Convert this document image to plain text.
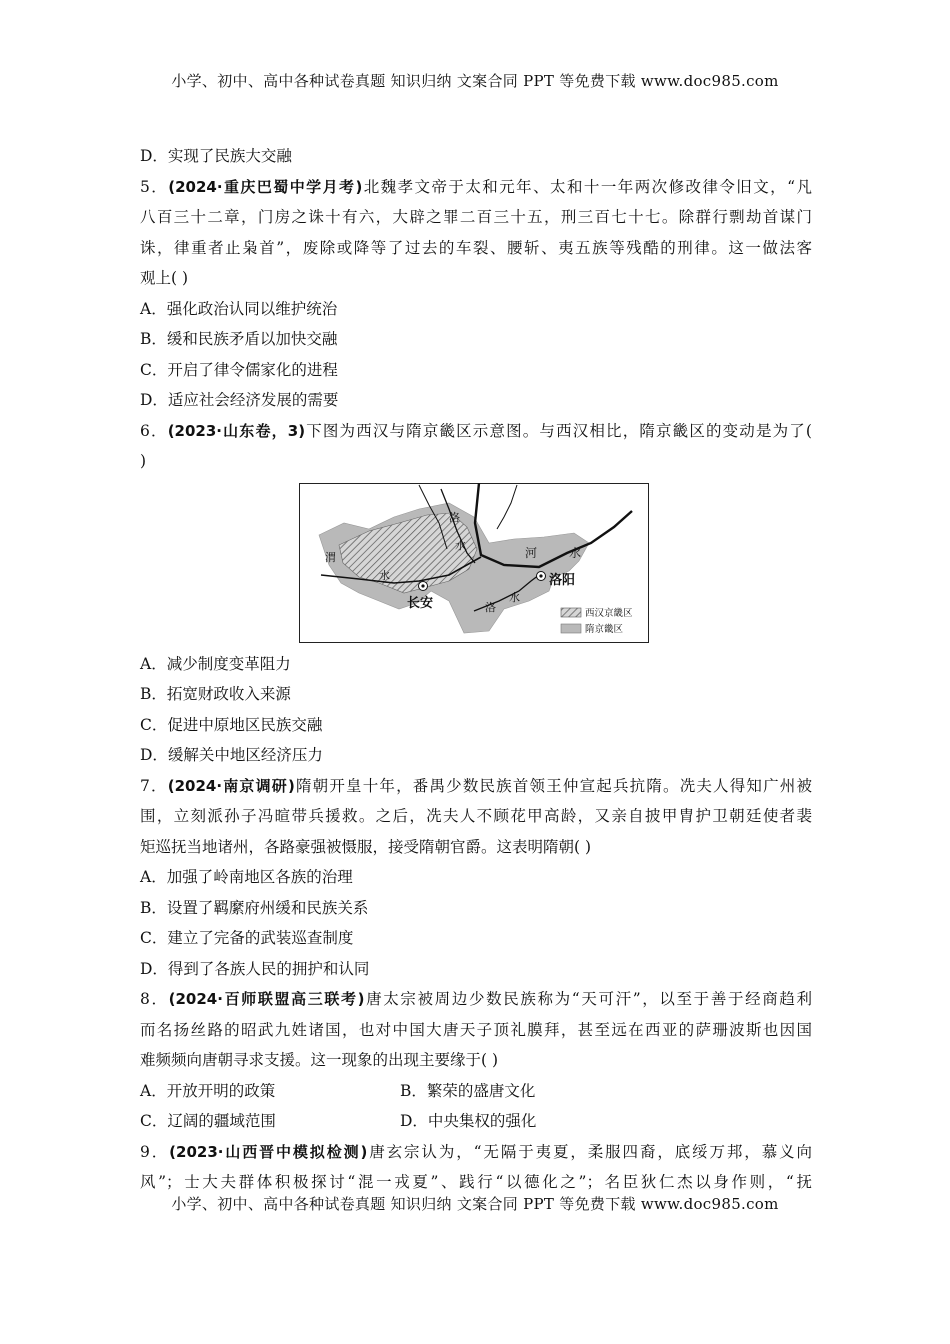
小学、初中、高中各种试卷真题 知识归纳 文案合同 PPT 等免费下载 www.doc985.com
D．实现了民族大交融
5．(2024·重庆巴蜀中学月考)北魏孝文帝于太和元年、太和十一年两次修改律令旧文，“凡
八百三十二章，门房之诛十有六，大辟之罪二百三十五，刑三百七十七。除群行剽劫首谋门
诛，律重者止枭首”，废除或降等了过去的车裂、腰斩、夷五族等残酷的刑律。这一做法客
观上( )
A．强化政治认同以维护统治
B．缓和民族矛盾以加快交融
C．开启了律令儒家化的进程
D．适应社会经济发展的需要
6．(2023·山东卷，3)下图为西汉与隋京畿区示意图。与西汉相比，隋京畿区的变动是为了(
)
渭
水
洛
水
河	水
洛
水
长安
洛阳
西汉京畿区
隋京畿区
A．减少制度变革阻力
B．拓宽财政收入来源
C．促进中原地区民族交融
D．缓解关中地区经济压力
7．(2024·南京调研)隋朝开皇十年，番禺少数民族首领王仲宣起兵抗隋。冼夫人得知广州被
围，立刻派孙子冯暄带兵援救。之后，冼夫人不顾花甲高龄，又亲自披甲胄护卫朝廷使者裴
矩巡抚当地诸州，各路豪强被慑服，接受隋朝官爵。这表明隋朝( )
A．加强了岭南地区各族的治理
B．设置了羁縻府州缓和民族关系
C．建立了完备的武装巡查制度
D．得到了各族人民的拥护和认同
8．(2024·百师联盟高三联考)唐太宗被周边少数民族称为“天可汗”，以至于善于经商趋利
而名扬丝路的昭武九姓诸国，也对中国大唐天子顶礼膜拜，甚至远在西亚的萨珊波斯也因国
难频频向唐朝寻求支援。这一现象的出现主要缘于( )
A．开放开明的政策	B．繁荣的盛唐文化
C．辽阔的疆域范围	D．中央集权的强化
9．(2023·山西晋中模拟检测)唐玄宗认为，“无隔于夷夏，柔服四裔，底绥万邦，慕义向
风”；士大夫群体积极探讨“混一戎夏”、践行“以德化之”；名臣狄仁杰以身作则，“抚
小学、初中、高中各种试卷真题 知识归纳 文案合同 PPT 等免费下载 www.doc985.com
